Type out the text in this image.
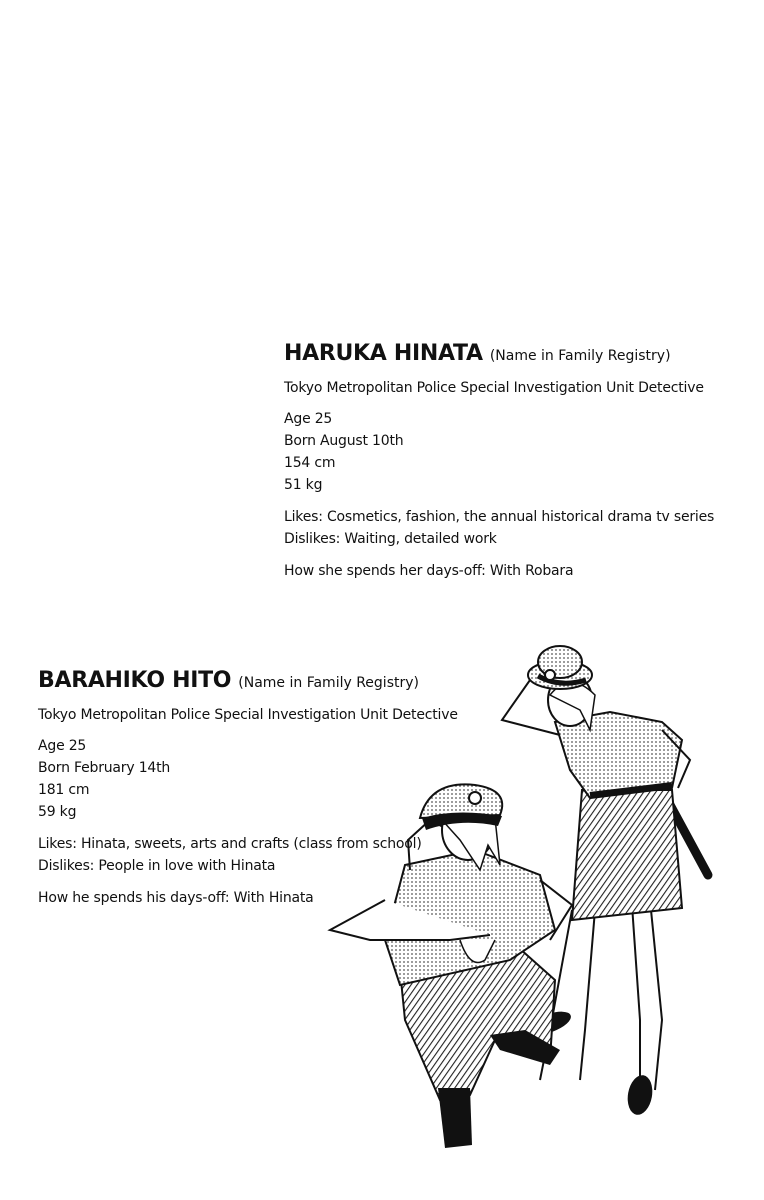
HARUKA HINATA (Name in Family Registry)

Tokyo Metropolitan Police Special Investigation Unit Detective
Age 25
Born August 10th
154 cm
51 kg
Likes: Cosmetics, fashion, the annual historical drama tv series
Dislikes: Waiting, detailed work
How she spends her days-off: With Robara

BARAHIKO HITO (Name in Family Registry)

Tokyo Metropolitan Police Special Investigation Unit Detective
Age 25
Born February 14th
181 cm
59 kg
Likes: Hinata, sweets, arts and crafts (class from school)
Dislikes: People in love with Hinata
How he spends his days-off: With Hinata
